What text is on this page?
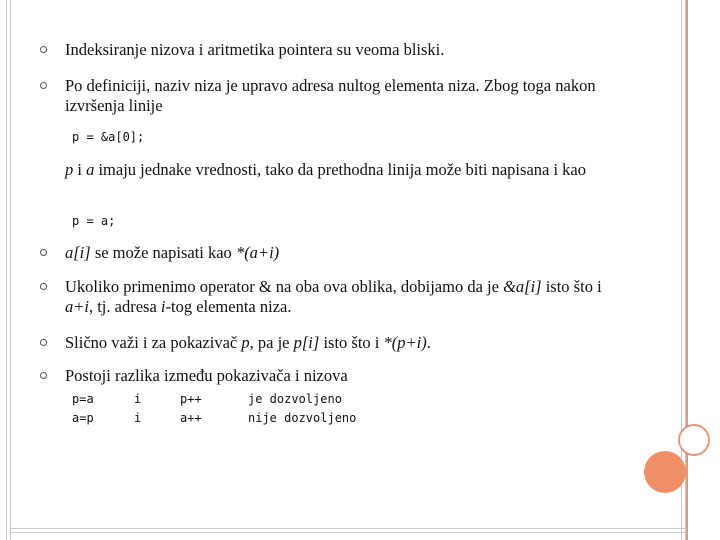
Indeksiranje nizova i aritmetika pointera su veoma bliski.
Po definiciji, naziv niza je upravo adresa nultog elementa niza. Zbog toga nakon izvršenja linije
p = &a[0];
p i a imaju jednake vrednosti, tako da prethodna linija može biti napisana i kao
p = a;
a[i] se može napisati kao *(a+i)
Ukoliko primenimo operator & na oba ova oblika, dobijamo da je &a[i] isto što i a+i, tj. adresa i-tog elementa niza.
Slično važi i za pokazivač p, pa je p[i] isto što i *(p+i).
Postoji razlika između pokazivača i nizova
p=a	i	p++	je dozvoljeno
a=p	i	a++	nije dozvoljeno
